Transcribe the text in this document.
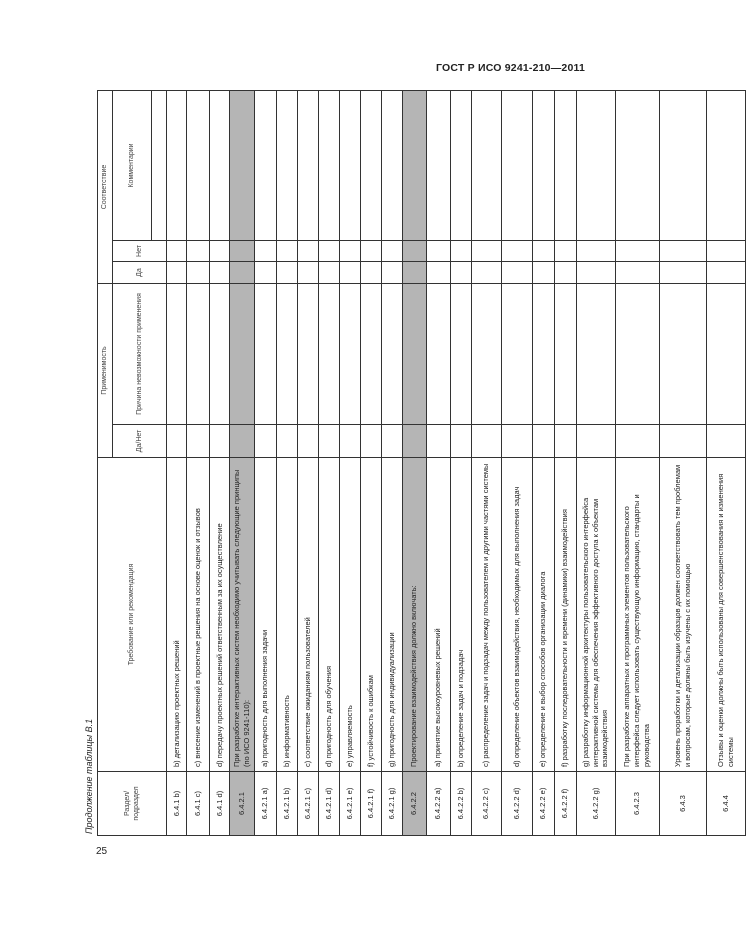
ГОСТ Р ИСО 9241-210—2011
25
Продолжение таблицы В.1	Раздел/ подраздел	Требование или рекомендация	Применимость		Соответствие		
		Да/Нет	Причина невозможности применения	Да	Нет	Комментарии

6.4.1 b)	b) детализацию проектных решений					
6.4.1 c)	c) внесение изменений в проектные решения на основе оценок и отзывов					
6.4.1 d)	d) передачу проектных решений ответственным за их осуществление					
6.4.2.1	При разработке интерактивных систем необходимо учитывать следующие принципы (по ИСО 9241-110):					
6.4.2.1 a)	a) пригодность для выполнения задачи					
6.4.2.1 b)	b) информативность					
6.4.2.1 c)	c) соответствие ожиданиям пользователей					
6.4.2.1 d)	d) пригодность для обучения					
6.4.2.1 e)	e) управляемость					
6.4.2.1 f)	f) устойчивость к ошибкам					
6.4.2.1 g)	g) пригодность для индивидуализации					
6.4.2.2	Проектирование взаимодействия должно включать:					
6.4.2.2 a)	a) принятие высокоуровневых решений					
6.4.2.2 b)	b) определение задач и подзадач					
6.4.2.2 c)	c) распределение задач и подзадач между пользователем и другими частями системы					
6.4.2.2 d)	d) определение объектов взаимодействия, необходимых для выполнения задач					
6.4.2.2 e)	e) определение и выбор способов организации диалога					
6.4.2.2 f)	f) разработку последовательности и времени (динамики) взаимодействия					
6.4.2.2 g)	g) разработку информационной архитектуры пользовательского интерфейса интерактивной системы для обеспечения эффективного доступа к объектам взаимодействия					
6.4.2.3	При разработке аппаратных и программных элементов пользовательского интерфейса следует использовать существующую информацию, стандарты и руководства					
6.4.3	Уровень проработки и детализации образцов должен соответствовать тем проблемам и вопросам, которые должны быть изучены с их помощью					
6.4.4	Отзывы и оценки должны быть использованы для совершенствования и изменения системы					
